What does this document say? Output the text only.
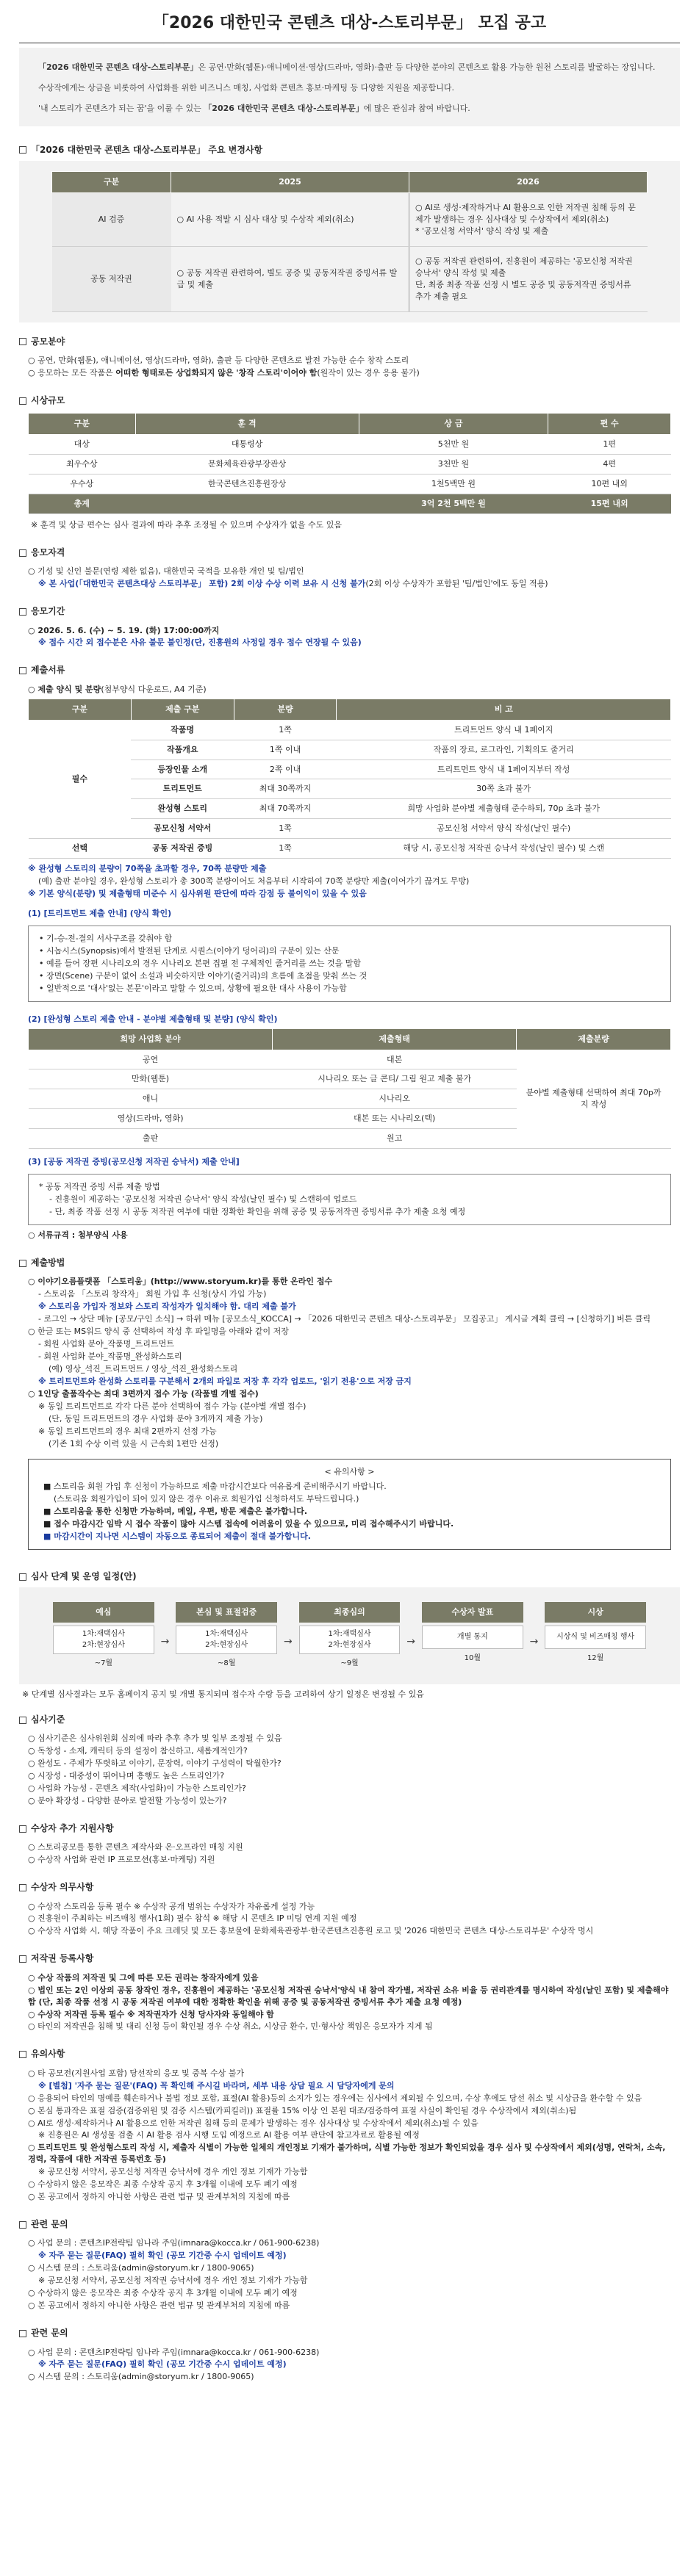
「2026 대한민국 콘텐츠 대상-스토리부문」 모집 공고

「2026 대한민국 콘텐츠 대상-스토리부문」은 공연·만화(웹툰)·애니메이션·영상(드라마, 영화)·출판 등 다양한 분야의 콘텐츠로 활용 가능한 원천 스토리를 발굴하는 장입니다.

수상작에게는 상금을 비롯하여 사업화를 위한 비즈니스 매칭, 사업화 콘텐츠 홍보·마케팅 등 다양한 지원을 제공합니다.

'내 스토리가 콘텐츠가 되는 꿈'을 이룰 수 있는 「2026 대한민국 콘텐츠 대상-스토리부문」에 많은 관심과 참여 바랍니다.

「2026 대한민국 콘텐츠 대상-스토리부문」 주요 변경사항
구분	2025	2026
AI 검증	○ AI 사용 적발 시 심사 대상 및 수상작 제외(취소)	○ AI로 생성·제작하거나 AI 활용으로 인한 저작권 침해 등의 문제가 발생하는 경우 심사대상 및 수상작에서 제외(취소)
* '공모신청 서약서' 양식 작성 및 제출

공동 저작권	○ 공동 저작권 관련하여, 별도 공증 및 공동저작권 증빙서류 발급 및 제출	○ 공동 저작권 관련하여, 진흥원이 제공하는 '공모신청 저작권 승낙서' 양식 작성 및 제출
단, 최종 최종 작품 선정 시 별도 공증 및 공동저작권 증빙서류 추가 제출 필요
공모분야

○ 공연, 만화(웹툰), 애니메이션, 영상(드라마, 영화), 출판 등 다양한 콘텐츠로 발전 가능한 순수 창작 스토리

○ 응모하는 모든 작품은 어떠한 형태로든 상업화되지 않은 '창작 스토리'이어야 함(원작이 있는 경우 응용 불가)

시상규모
구분	훈 격	상 금	편 수
대상	대통령상	5천만 원	1편
최우수상	문화체육관광부장관상	3천만 원	4편
우수상	한국콘텐츠진흥원장상	1천5백만 원	10편 내외
총계		3억 2천 5백만 원	15편 내외

※ 훈격 및 상금 편수는 심사 결과에 따라 추후 조정될 수 있으며 수상자가 없을 수도 있음

응모자격

○ 기성 및 신인 불문(연령 제한 없음), 대한민국 국적을 보유한 개인 및 팀/법인

※ 본 사업(「대한민국 콘텐츠대상 스토리부문」 포함) 2회 이상 수상 이력 보유 시 신청 불가(2회 이상 수상자가 포함된 '팀/법인'에도 동일 적용)

응모기간

○ 2026. 5. 6. (수) ~ 5. 19. (화) 17:00:00까지

※ 접수 시간 외 접수분은 사유 불문 불인정(단, 진흥원의 사정일 경우 접수 연장될 수 있음)

제출서류

○ 제출 양식 및 분량(첨부양식 다운로드, A4 기준)

구분	제출 구분	분량	비 고
필수	작품명	1쪽	트리트먼트 양식 내 1페이지
	작품개요	1쪽 이내	작품의 장르, 로그라인, 기획의도 줄거리
	등장인물 소개	2쪽 이내	트리트먼트 양식 내 1페이지부터 작성
	트리트먼트	최대 30쪽까지	30쪽 초과 불가
	완성형 스토리	최대 70쪽까지	희망 사업화 분야별 제출형태 준수하되, 70p 초과 불가
	공모신청 서약서	1쪽	공모신청 서약서 양식 작성(날인 필수)
선택	공동 저작권 증빙	1쪽	해당 시, 공모신청 저작권 승낙서 작성(날인 필수) 및 스캔

※ 완성형 스토리의 분량이 70쪽을 초과할 경우, 70쪽 분량만 제출

(예) 출판 분야일 경우, 완성형 스토리가 총 300쪽 분량이어도 처음부터 시작하여 70쪽 분량만 제출(이어가기 끊겨도 무방)

※ 기본 양식(분량) 및 제출형태 미준수 시 심사위원 판단에 따라 감점 등 불이익이 있을 수 있음

(1) [트리트먼트 제출 안내] (양식 확인)

• 기-승-전-결의 서사구조를 갖춰야 함

• 시놉시스(Synopsis)에서 발전된 단계로 시퀀스(이야기 덩어리)의 구분이 있는 산문

• 예를 들어 장편 시나리오의 경우 시나리오 본편 집필 전 구체적인 줄거리를 쓰는 것을 말함

• 장면(Scene) 구분이 없어 소설과 비슷하지만 이야기(줄거리)의 흐름에 초점을 맞춰 쓰는 것

• 일반적으로 '대사'없는 본문'이라고 말할 수 있으며, 상황에 필요한 대사 사용이 가능함

(2) [완성형 스토리 제출 안내 - 분야별 제출형태 및 분량] (양식 확인)
희망 사업화 분야	제출형태	제출분량
공연	대본	분야별 제출형태 선택하여 최대 70p까지 작성
만화(웹툰)	시나리오 또는 글 콘티/ 그림 원고 제출 불가	
애니	시나리오	
영상(드라마, 영화)	대본 또는 시나리오(텍)	
출판	원고	
(3) [공동 저작권 증빙(공모신청 저작권 승낙서) 제출 안내]

* 공동 저작권 증빙 서류 제출 방법

- 진흥원이 제공하는 '공모신청 저작권 승낙서' 양식 작성(날인 필수) 및 스캔하여 업로드

- 단, 최종 작품 선정 시 공동 저작권 여부에 대한 정확한 확인을 위해 공증 및 공동저작권 증빙서류 추가 제출 요청 예정

○ 서류규격 : 첨부양식 사용

제출방법

○ 이야기오름플랫폼 「스토리움」(http://www.storyum.kr)를 통한 온라인 접수

- 스토리움 「스토리 창작자」 회원 가입 후 신청(상시 가입 가능)

※ 스토리움 가입자 정보와 스토리 작성자가 일치해야 함. 대리 제출 불가

- 로그인 → 상단 메뉴 [공모/구인 소식] → 하위 메뉴 [공모소식_KOCCA] → 「2026 대한민국 콘텐츠 대상-스토리부문」 모집공고」 게시글 계획 클릭 → [신청하기] 버튼 클릭

○ 한글 또는 MS워드 양식 중 선택하여 작성 후 파일명을 아래와 같이 저장

- 회원 사업화 분야_작품명_트리트먼트

- 회원 사업화 분야_작품명_완성화스토리

(예) 영상_석진_트리트먼트 / 영상_석진_완성화스토리

※ 트리트먼트와 완성화 스토리를 구분해서 2개의 파일로 저장 후 각각 업로드, '읽기 전용'으로 저장 금지

○ 1인당 출품작수는 최대 3편까지 접수 가능 (작품별 개별 접수)

※ 동일 트리트먼트로 각각 다른 분야 선택하여 접수 가능 (분야별 개별 접수)

(단, 동일 트리트먼트의 경우 사업화 분야 3개까지 제출 가능)

※ 동일 트리트먼트의 경우 최대 2편까지 선정 가능

(기존 1회 수상 이력 있을 시 근속회 1편만 선정)

< 유의사항 >

■ 스토리움 회원 가입 후 신청이 가능하므로 제출 마감시간보다 여유롭게 준비해주시기 바랍니다.

(스토리움 회원가입이 되어 있지 않은 경우 이유로 회원가입 신청하셔도 부탁드립니다.)

■ 스토리움을 통한 신청만 가능하며, 메일, 우편, 방문 제출은 불가합니다.

■ 접수 마감시간 임박 시 접수 작품이 많아 시스템 접속에 어려움이 있을 수 있으므로, 미리 접수해주시기 바랍니다.

■ 마감시간이 지나면 시스템이 자동으로 종료되어 제출이 절대 불가합니다.

심사 단계 및 운영 일정(안)
예심
1차:재택심사
2차:현장심사
~7월
→
본심 및 표절검증
1차:재택심사
2차:현장심사
~8월
→
최종심의
1차:재택심사
2차:현장심사
~9월
→
수상자 발표
개별 통지
10월
→
시상
시상식 및 비즈매칭 행사
12월

※ 단계별 심사결과는 모두 홈페이지 공지 및 개별 통지되며 접수자 수랑 등을 고려하여 상기 일정은 변경될 수 있음

심사기준

○ 심사기준은 심사위원회 심의에 따라 추후 추가 및 일부 조정될 수 있음

○ 독창성 - 소재, 캐릭터 등의 설정이 참신하고, 새롭게적인가?

○ 완성도 - 주제가 뚜렷하고 이야기, 문장력, 이야기 구성력이 탁월한가?

○ 시장성 - 대중성이 뛰어나며 흥행도 높은 스토리인가?

○ 사업화 가능성 - 콘텐츠 제작(사업화)이 가능한 스토리인가?

○ 분야 확장성 - 다양한 분야로 발전할 가능성이 있는가?

수상자 추가 지원사항

○ 스토리공모를 통한 콘텐츠 제작사와 온·오프라인 매칭 지원

○ 수상작 사업화 관련 IP 프로모션(홍보·마케팅) 지원

수상자 의무사항

○ 수상작 스토리움 등록 필수 ※ 수상작 공개 범위는 수상자가 자유롭게 설정 가능

○ 진흥원이 주최하는 비즈매칭 행사(1회) 필수 참석 ※ 해당 시 콘텐츠 IP 미팅 연계 지원 예정

○ 수상작 사업화 시, 해당 작품이 주요 크레딧 및 모든 홍보물에 문화체육관광부·한국콘텐츠진흥원 로고 및 '2026 대한민국 콘텐츠 대상-스토리부문' 수상작 명시

저작권 등록사항

○ 수상 작품의 저작권 및 그에 따른 모든 권리는 창작자에게 있음

○ 법인 또는 2인 이상의 공동 창작인 경우, 진흥원이 제공하는 '공모신청 저작권 승낙서'양식 내 참여 작가별, 저작권 소유 비율 등 권리관계를 명시하여 작성(날인 포함) 및 제출해야 함 (단, 최종 작품 선정 시 공동 저작권 여부에 대한 정확한 확인을 위해 공증 및 공동저작권 증빙서류 추가 제출 요청 예정)

○ 수상작 저작권 등록 필수 ※ 저작권자가 신청 당사자와 동일해야 함

○ 타인의 저작권을 침해 및 대리 신청 등이 확인될 경우 수상 취소, 시상금 환수, 민·형사상 책임은 응모자가 지게 됨

유의사항

○ 타 공모전(지원사업 포함) 당선작의 응모 및 중복 수상 불가

※ [별첨] '자주 묻는 질문'(FAQ) 꼭 확인해 주시길 바라며, 세부 내용 상담 필요 시 담당자에게 문의

○ 응용되어 타인의 명예를 훼손하거나 불법 정보 포함, 표절(AI 활용)등의 소지가 있는 경우에는 심사에서 제외될 수 있으며, 수상 후에도 당선 취소 및 시상금을 환수할 수 있음

○ 본심 통과작은 표절 검증(검증위원 및 검증 시스템(카피킬러)) 표절률 15% 이상 인 본원 대조/검증하여 표절 사실이 확인될 경우 수상작에서 제외(취소)됨

○ AI로 생성·제작하거나 AI 활용으로 인한 저작권 침해 등의 문제가 발생하는 경우 심사대상 및 수상작에서 제외(취소)될 수 있음

※ 진흥원은 AI 생성물 검출 시 AI 활용 검사 시행 도입 예정으로 AI 활용 여부 판단에 참고자료로 활용될 예정

○ 트리트먼트 및 완성형스토리 작성 시, 제출자 식별이 가능한 일체의 개인정보 기재가 불가하며, 식별 가능한 정보가 확인되었을 경우 심사 및 수상작에서 제외(성명, 연락처, 소속, 경력, 작품에 대한 저작권 등록번호 등)

※ 공모신청 서약서, 공모신청 저작권 승낙서에 경우 개인 정보 기재가 가능함

○ 수상하지 않은 응모작은 최종 수상작 공지 후 3개월 이내에 모두 폐기 예정

○ 본 공고에서 정하지 아니한 사항은 관련 법규 및 관계부처의 지침에 따름

관련 문의

○ 사업 문의 : 콘텐츠IP전략팀 임나라 주임(imnara@kocca.kr / 061-900-6238)

※ 자주 묻는 질문(FAQ) 필히 확인 (공모 기간중 수시 업데이트 예정)

○ 시스템 문의 : 스토리움(admin@storyum.kr / 1800-9065)

※ 공모신청 서약서, 공모신청 저작권 승낙서에 경우 개인 정보 기재가 가능함

○ 수상하지 않은 응모작은 최종 수상작 공지 후 3개월 이내에 모두 폐기 예정

○ 본 공고에서 정하지 아니한 사항은 관련 법규 및 관계부처의 지침에 따름

관련 문의

○ 사업 문의 : 콘텐츠IP전략팀 임나라 주임(imnara@kocca.kr / 061-900-6238)

※ 자주 묻는 질문(FAQ) 필히 확인 (공모 기간중 수시 업데이트 예정)

○ 시스템 문의 : 스토리움(admin@storyum.kr / 1800-9065)
